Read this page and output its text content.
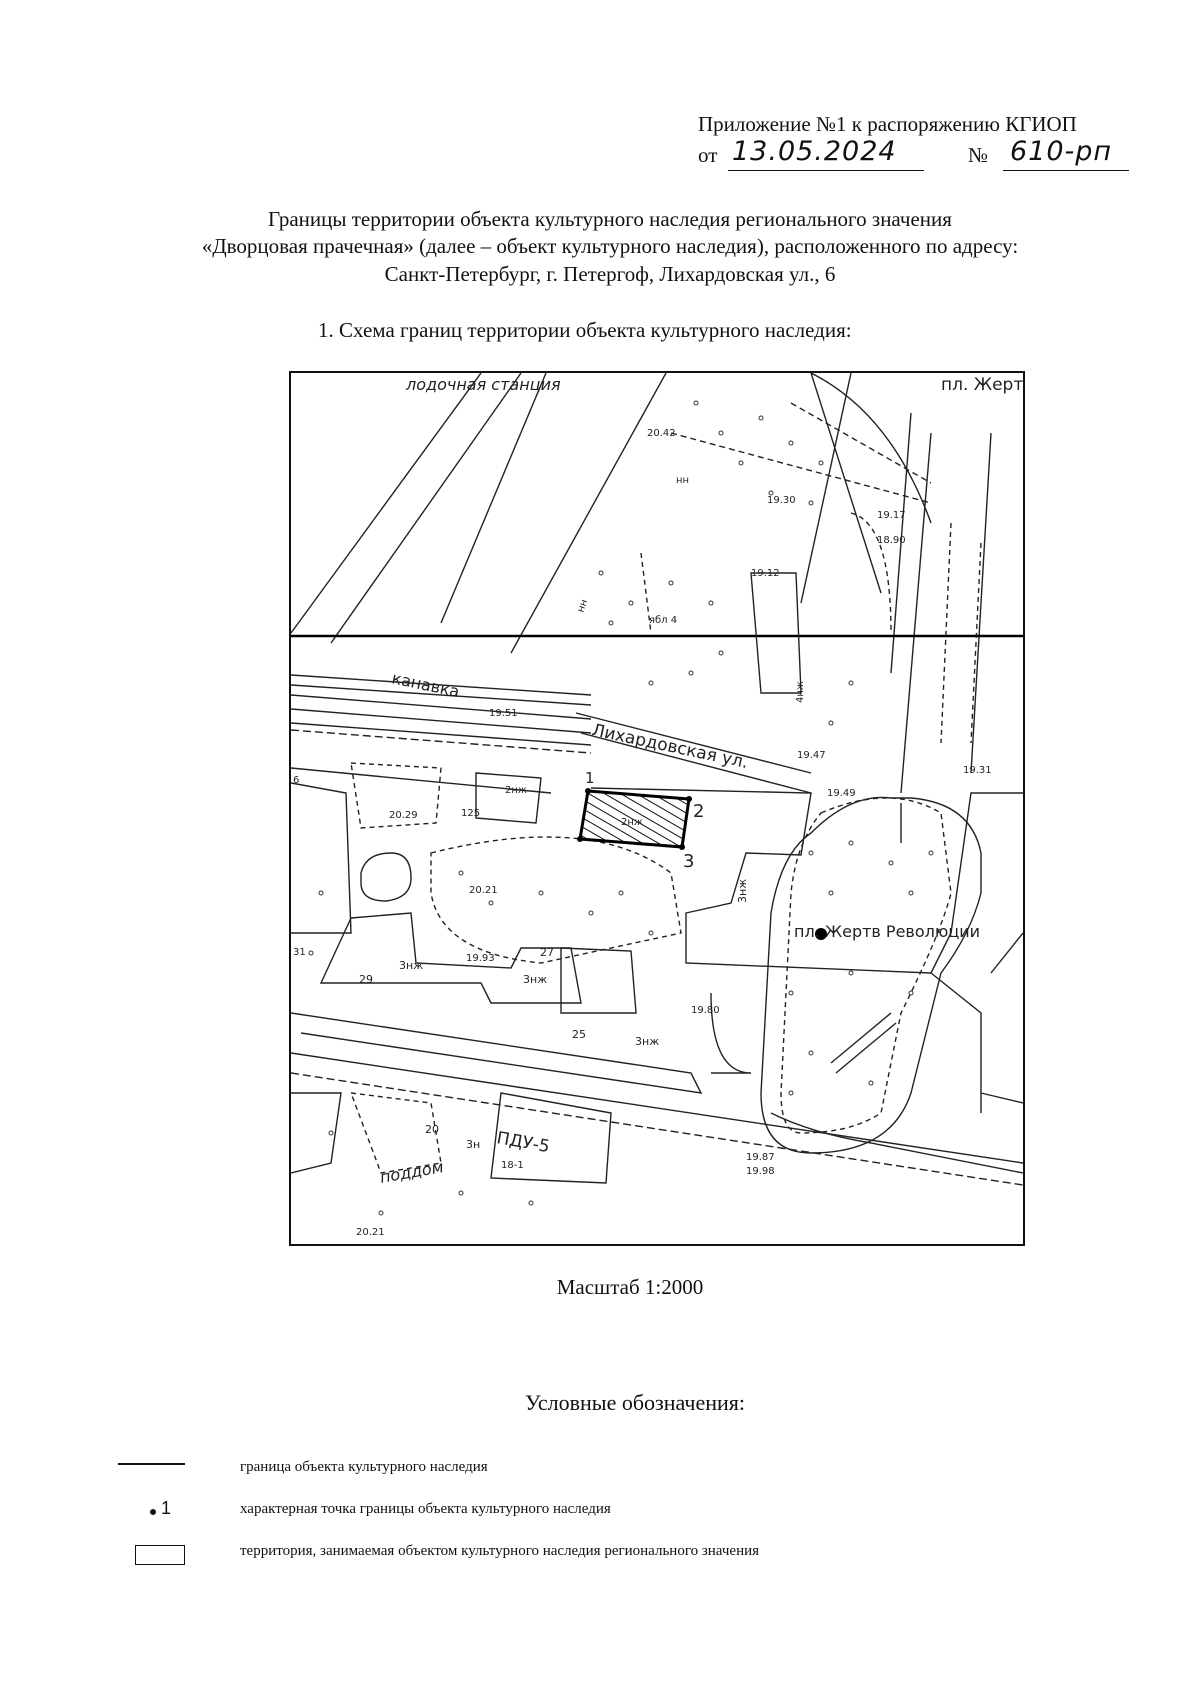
Приложение №1 к распоряжению КГИОП
от 13.05.2024	№ 610-рп
Границы территории объекта культурного наследия регионального значения
«Дворцовая прачечная» (далее – объект культурного наследия), расположенного по адресу:
Санкт-Петербург, г. Петергоф, Лихардовская ул., 6
1. Схема границ территории объекта культурного наследия:
лодочная станция	пл. Жерт
канавка
Лихардовская ул.
пл. Жертв Революции
ПДУ-5
поддом
ябл 4
20.42
19.30
19.17
18.90
19.12
19.51
19.47
19.49
20.29
20.21
19.93
19.80
19.31
19.87
19.98
20.21
нн
нн
4нж
2нж
3нж
3нж
3нж
3нж
3н
2нж
29
27
25
20
18-1
125
31
6	1
2
3
Масштаб 1:2000
Условные обозначения:
граница объекта культурного наследия
1	характерная точка границы объекта культурного наследия
территория, занимаемая объектом культурного наследия регионального значения
